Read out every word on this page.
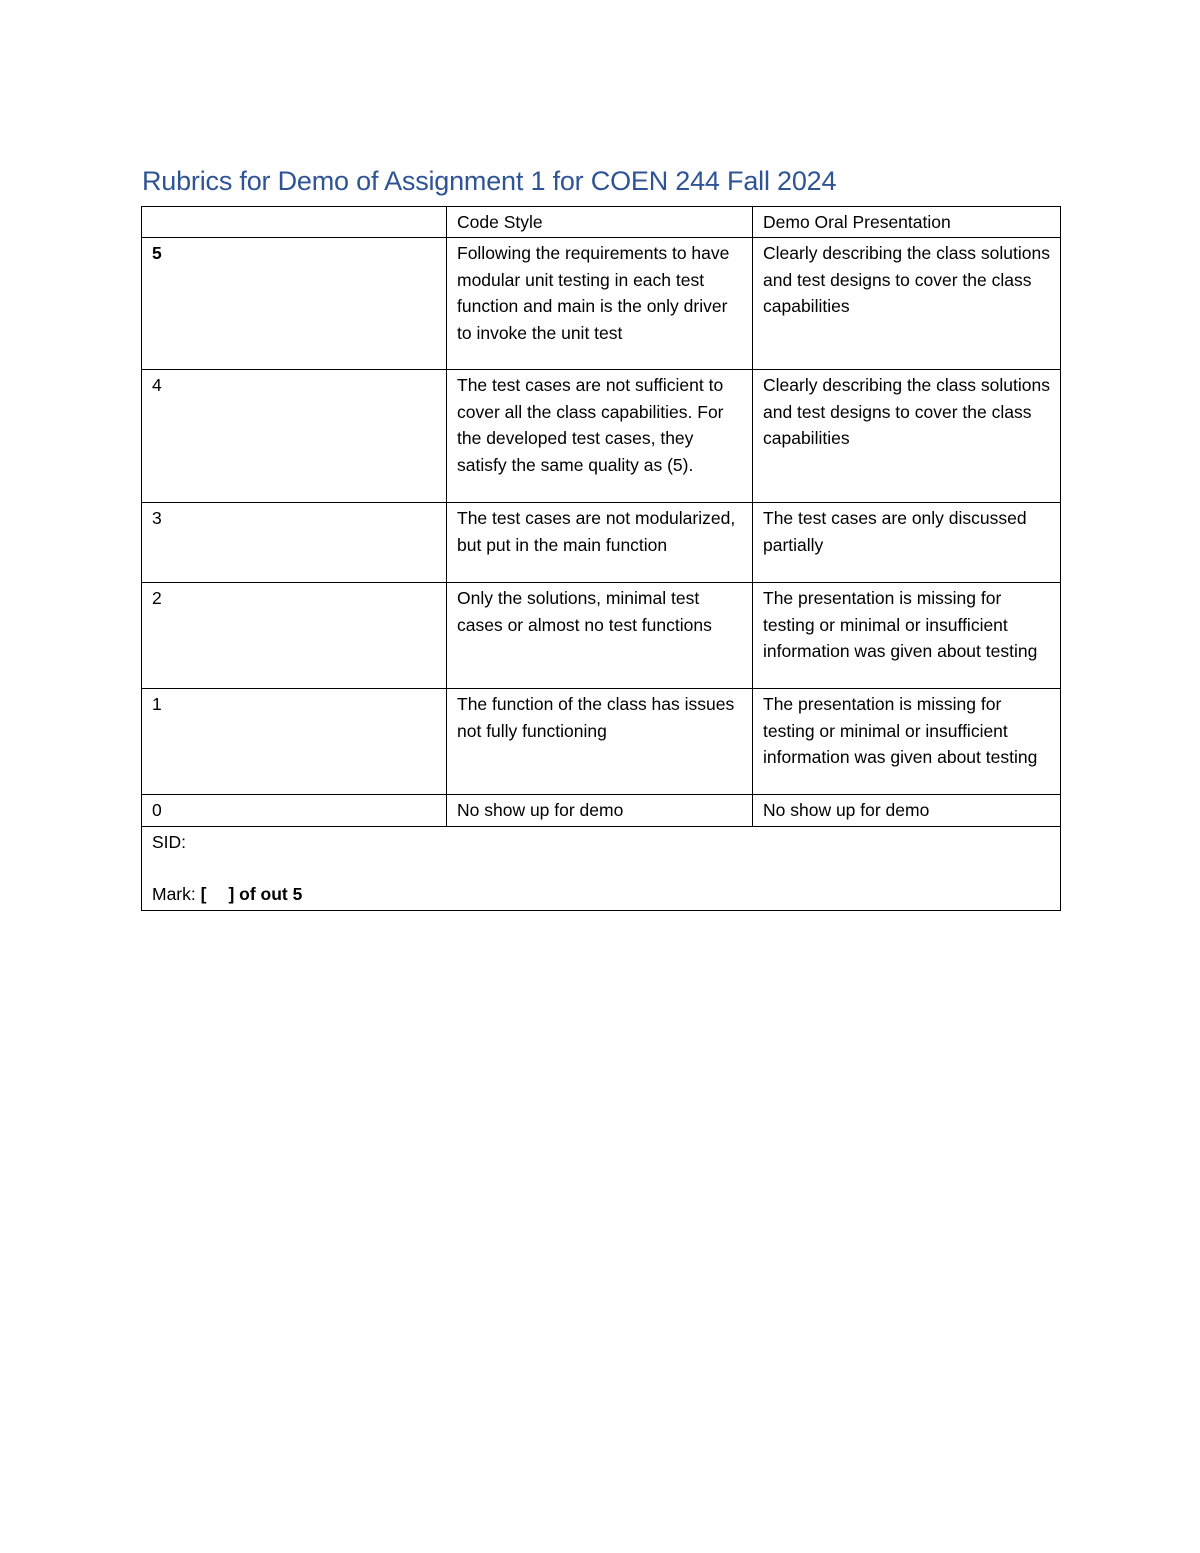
Rubrics for Demo of Assignment 1 for COEN 244 Fall 2024
	Code Style	Demo Oral Presentation
5	Following the requirements to have modular unit testing in each test function and main is the only driver to invoke the unit test	Clearly describing the class solutions and test designs to cover the class capabilities
4	The test cases are not sufficient to cover all the class capabilities. For the developed test cases, they satisfy the same quality as (5).	Clearly describing the class solutions and test designs to cover the class capabilities
3	The test cases are not modularized, but put in the main function	The test cases are only discussed partially
2	Only the solutions, minimal test cases or almost no test functions	The presentation is missing for testing or minimal or insufficient information was given about testing
1	The function of the class has issues not fully functioning	The presentation is missing for testing or minimal or insufficient information was given about testing
0	No show up for demo	No show up for demo

SID:
Mark: [ ] of out 5		
